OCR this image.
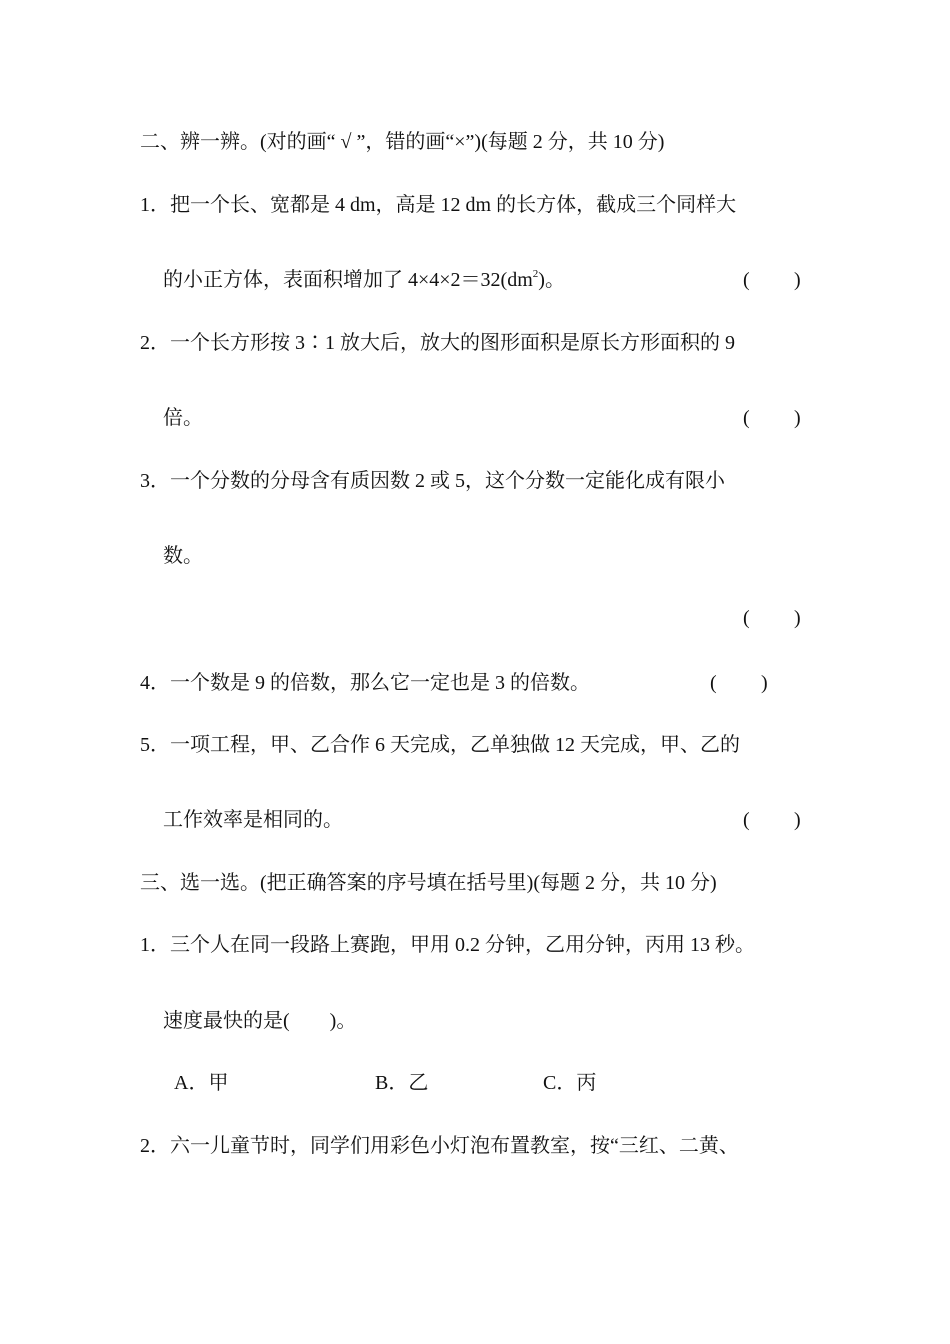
二、辨一辨。(对的画“ √ ”，错的画“×”)(每题 2 分，共 10 分)
1．把一个长、宽都是 4 dm，高是 12 dm 的长方体，截成三个同样大
的小正方体，表面积增加了 $4\times 4\times 2=32(dm^2)$。	( )
2．一个长方形按 3∶1 放大后，放大的图形面积是原长方形面积的 9
倍。	( )
3．一个分数的分母含有质因数 2 或 5，这个分数一定能化成有限小
数。
( )
4．一个数是 9 的倍数，那么它一定也是 3 的倍数。	( )
5．一项工程，甲、乙合作 6 天完成，乙单独做 12 天完成，甲、乙的
工作效率是相同的。	( )
三、选一选。(把正确答案的序号填在括号里)(每题 2 分，共 10 分)
1．三个人在同一段路上赛跑，甲用 0.2 分钟，乙用分钟，丙用 13 秒。
速度最快的是(　　)。
A．甲	B．乙	C．丙
2．六一儿童节时，同学们用彩色小灯泡布置教室，按“三红、二黄、
